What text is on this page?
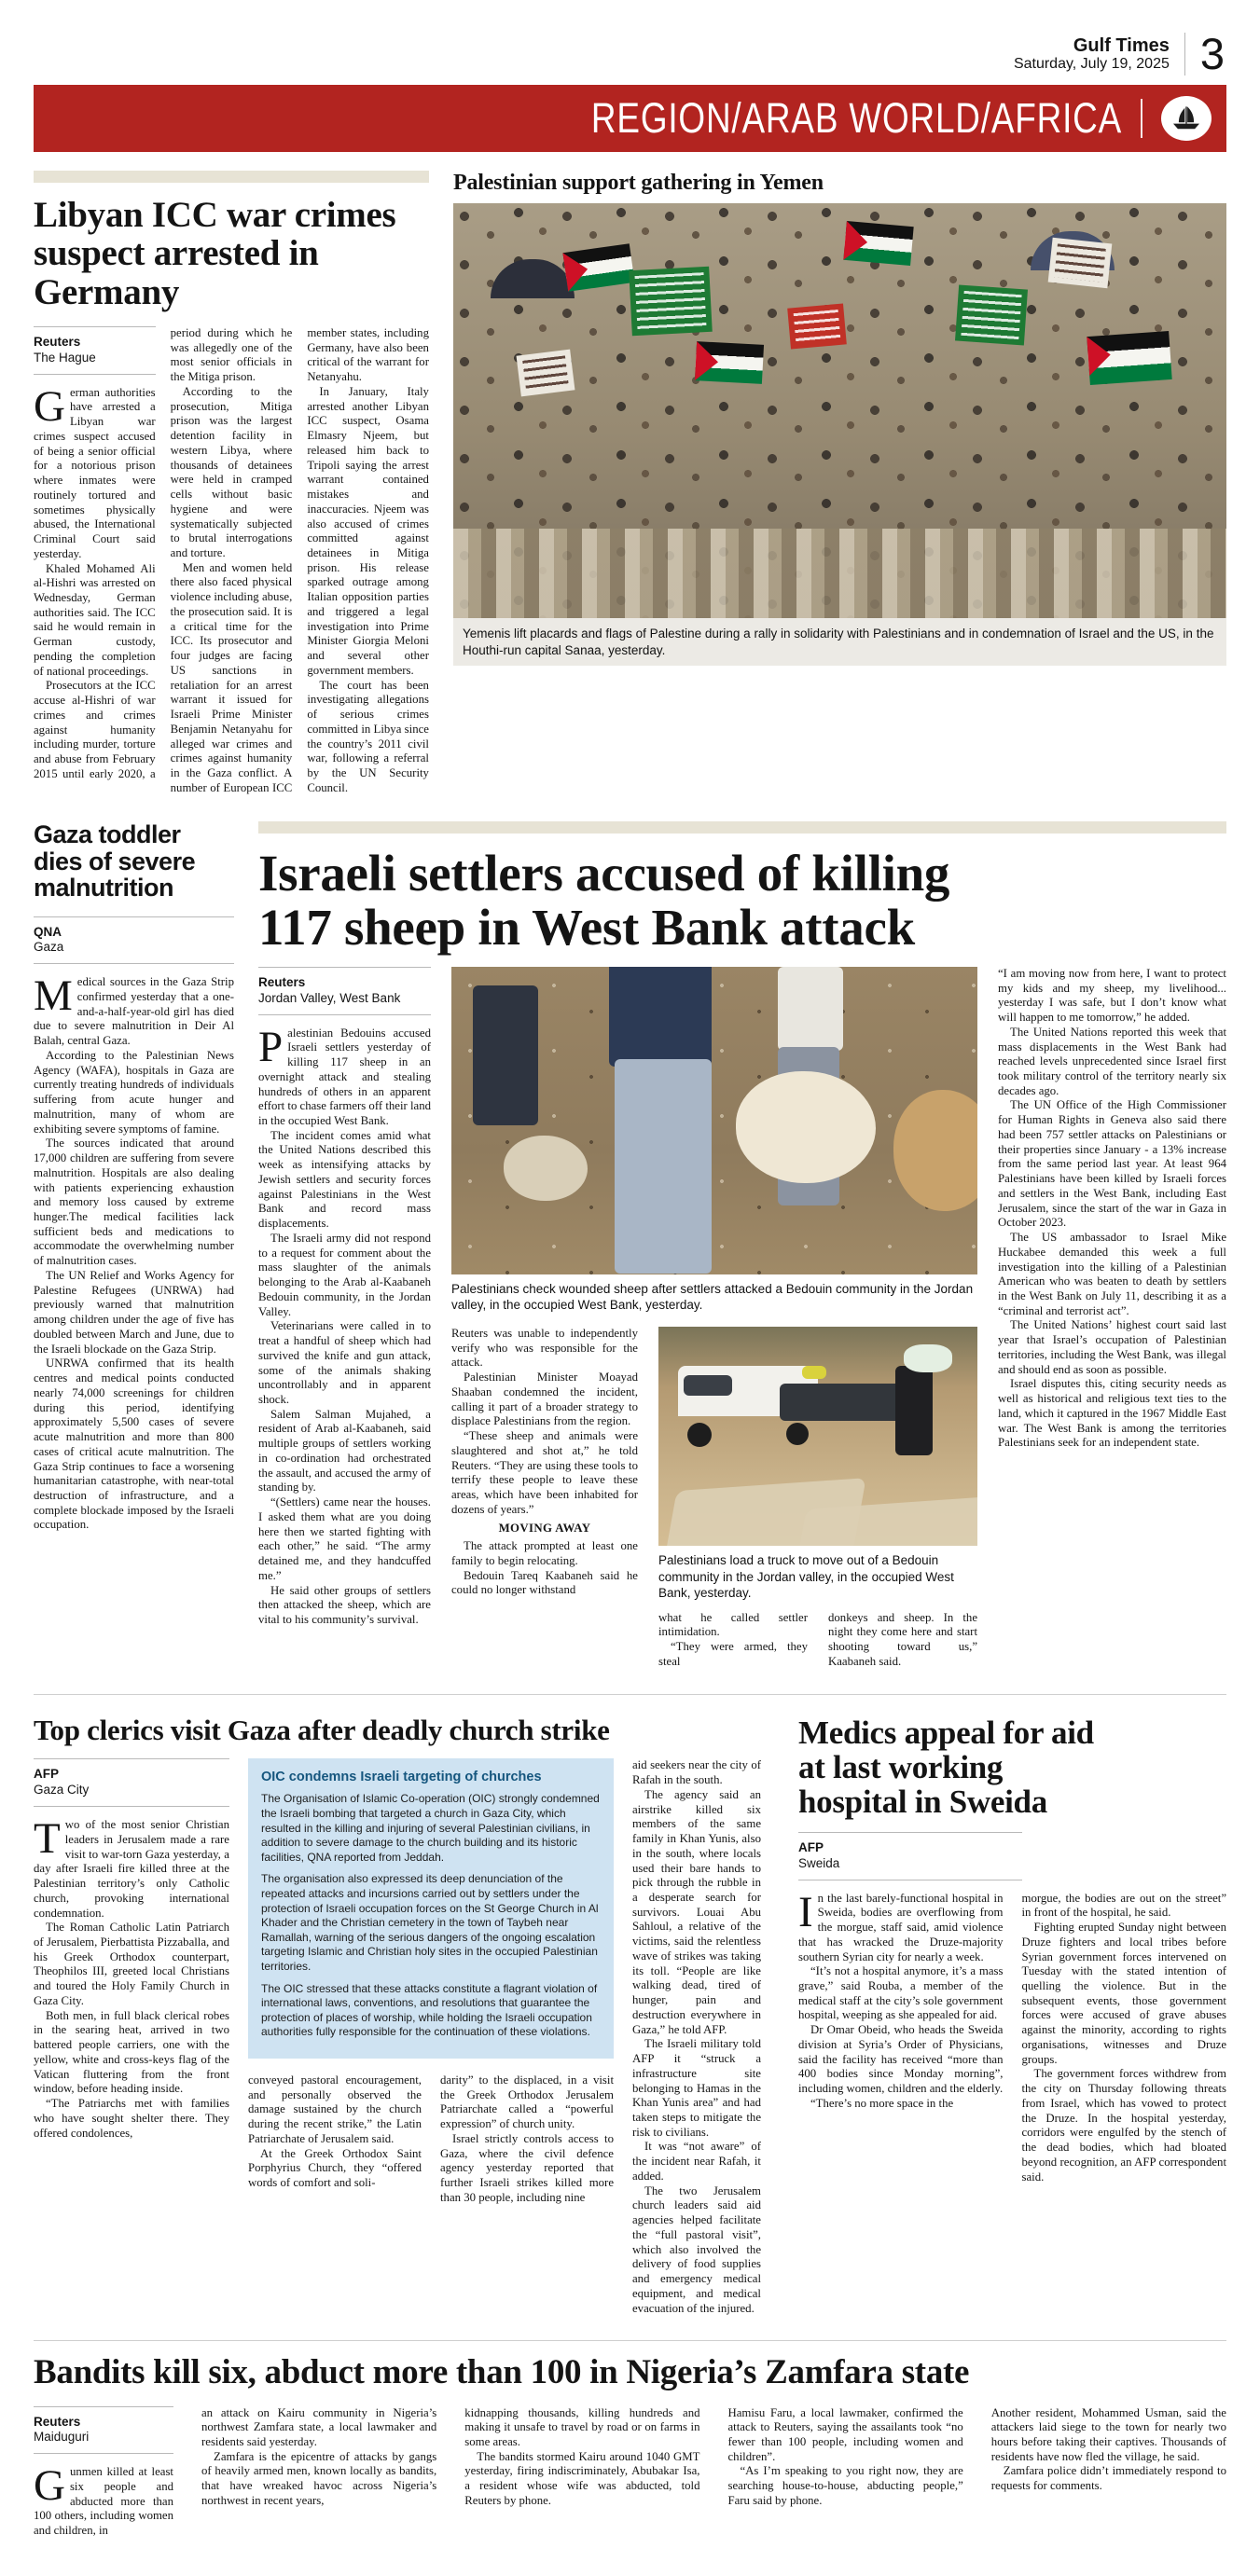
Gulf Times
Saturday, July 19, 2025 3
REGION/ARAB WORLD/AFRICA
Libyan ICC war crimes suspect arrested in Germany
Reuters
The Hague

German authorities have arrested a Libyan war crimes suspect accused of being a senior official for a notorious prison where inmates were routinely tortured and sometimes physically abused, the International Criminal Court said yesterday.

Khaled Mohamed Ali al-Hishri was arrested on Wednesday, German authorities said. The ICC said he would remain in German custody, pending the completion of national proceedings.

Prosecutors at the ICC accuse al-Hishri of war crimes and crimes against humanity including murder, torture and abuse from February 2015 until early 2020, a period during which he was allegedly one of the most senior officials in the Mitiga prison.

According to the prosecution, Mitiga prison was the largest detention facility in western Libya, where thousands of detainees were held in cramped cells without basic hygiene and were systematically subjected to brutal interrogations and torture.

Men and women held there also faced physical violence including abuse, the prosecution said. It is a critical time for the ICC. Its prosecutor and four judges are facing US sanctions in retaliation for an arrest warrant it issued for Israeli Prime Minister Benjamin Netanyahu for alleged war crimes and crimes against humanity in the Gaza conflict. A number of European ICC member states, including Germany, have also been critical of the warrant for Netanyahu.

In January, Italy arrested another Libyan ICC suspect, Osama Elmasry Njeem, but released him back to Tripoli saying the arrest warrant contained mistakes and inaccuracies. Njeem was also accused of crimes committed against detainees in Mitiga prison. His release sparked outrage among Italian opposition parties and triggered a legal investigation into Prime Minister Giorgia Meloni and several other government members.

The court has been investigating allegations of serious crimes committed in Libya since the country’s 2011 civil war, following a referral by the UN Security Council.

Palestinian support gathering in Yemen
Yemenis lift placards and flags of Palestine during a rally in solidarity with Palestinians and in condemnation of Israel and the US, in the Houthi-run capital Sanaa, yesterday.
Gaza toddler dies of severe malnutrition
QNA
Gaza

Medical sources in the Gaza Strip confirmed yesterday that a one-and-a-half-year-old girl has died due to severe malnutrition in Deir Al Balah, central Gaza.

According to the Palestinian News Agency (WAFA), hospitals in Gaza are currently treating hundreds of individuals suffering from acute hunger and malnutrition, many of whom are exhibiting severe symptoms of famine.

The sources indicated that around 17,000 children are suffering from severe malnutrition. Hospitals are also dealing with patients experiencing exhaustion and memory loss caused by extreme hunger.The medical facilities lack sufficient beds and medications to accommodate the overwhelming number of malnutrition cases.

The UN Relief and Works Agency for Palestine Refugees (UNRWA) had previously warned that malnutrition among children under the age of five has doubled between March and June, due to the Israeli blockade on the Gaza Strip.

UNRWA confirmed that its health centres and medical points conducted nearly 74,000 screenings for children during this period, identifying approximately 5,500 cases of severe acute malnutrition and more than 800 cases of critical acute malnutrition. The Gaza Strip continues to face a worsening humanitarian catastrophe, with near-total destruction of infrastructure, and a complete blockade imposed by the Israeli occupation.

Israeli settlers accused of killing
117 sheep in West Bank attack
Reuters
Jordan Valley, West Bank

Palestinian Bedouins accused Israeli settlers yesterday of killing 117 sheep in an overnight attack and stealing hundreds of others in an apparent effort to chase farmers off their land in the occupied West Bank.

The incident comes amid what the United Nations described this week as intensifying attacks by Jewish settlers and security forces against Palestinians in the West Bank and record mass displacements.

The Israeli army did not respond to a request for comment about the mass slaughter of the animals belonging to the Arab al-Kaabaneh Bedouin community, in the Jordan Valley.

Veterinarians were called in to treat a handful of sheep which had survived the knife and gun attack, some of the animals shaking uncontrollably and in apparent shock.

Salem Salman Mujahed, a resident of Arab al-Kaabaneh, said multiple groups of settlers working in co-ordination had orchestrated the assault, and accused the army of standing by.

“(Settlers) came near the houses. I asked them what are you doing here then we started fighting with each other,” he said. “The army detained me, and they handcuffed me.”

He said other groups of settlers then attacked the sheep, which are vital to his community’s survival.

Palestinians check wounded sheep after settlers attacked a Bedouin community in the Jordan valley, in the occupied West Bank, yesterday.

Reuters was unable to independently verify who was responsible for the attack.

Palestinian Minister Moayad Shaaban condemned the incident, calling it part of a broader strategy to displace Palestinians from the region.

“These sheep and animals were slaughtered and shot at,” he told Reuters. “They are using these tools to terrify these people to leave these areas, which have been inhabited for dozens of years.”

MOVING AWAY

The attack prompted at least one family to begin relocating.

Bedouin Tareq Kaabaneh said he could no longer withstand

Palestinians load a truck to move out of a Bedouin community in the Jordan valley, in the occupied West Bank, yesterday.

what he called settler intimidation.

“They were armed, they steal

donkeys and sheep. In the night they come here and start shooting toward us,” Kaabaneh said.

“I am moving now from here, I want to protect my kids and my sheep, my livelihood... yesterday I was safe, but I don’t know what will happen to me tomorrow,” he added.

The United Nations reported this week that mass displacements in the West Bank had reached levels unprecedented since Israel first took military control of the territory nearly six decades ago.

The UN Office of the High Commissioner for Human Rights in Geneva also said there had been 757 settler attacks on Palestinians or their properties since January - a 13% increase from the same period last year. At least 964 Palestinians have been killed by Israeli forces and settlers in the West Bank, including East Jerusalem, since the start of the war in Gaza in October 2023.

The US ambassador to Israel Mike Huckabee demanded this week a full investigation into the killing of a Palestinian American who was beaten to death by settlers in the West Bank on July 11, describing it as a “criminal and terrorist act”.

The United Nations’ highest court said last year that Israel’s occupation of Palestinian territories, including the West Bank, was illegal and should end as soon as possible.

Israel disputes this, citing security needs as well as historical and religious text ties to the land, which it captured in the 1967 Middle East war. The West Bank is among the territories Palestinians seek for an independent state.

Top clerics visit Gaza after deadly church strike
AFP
Gaza City

Two of the most senior Christian leaders in Jerusalem made a rare visit to war-torn Gaza yesterday, a day after Israeli fire killed three at the Palestinian territory’s only Catholic church, provoking international condemnation.

The Roman Catholic Latin Patriarch of Jerusalem, Pierbattista Pizzaballa, and his Greek Orthodox counterpart, Theophilos III, greeted local Christians and toured the Holy Family Church in Gaza City.

Both men, in full black clerical robes in the searing heat, arrived in two battered people carriers, one with the yellow, white and cross-keys flag of the Vatican fluttering from the front window, before heading inside.

“The Patriarchs met with families who have sought shelter there. They offered condolences,

OIC condemns Israeli targeting of churches

The Organisation of Islamic Co-operation (OIC) strongly condemned the Israeli bombing that targeted a church in Gaza City, which resulted in the killing and injuring of several Palestinian civilians, in addition to severe damage to the church building and its historic facilities, QNA reported from Jeddah.

The organisation also expressed its deep denunciation of the repeated attacks and incursions carried out by settlers under the protection of Israeli occupation forces on the St George Church in Al Khader and the Christian cemetery in the town of Taybeh near Ramallah, warning of the serious dangers of the ongoing escalation targeting Islamic and Christian holy sites in the occupied Palestinian territories.

The OIC stressed that these attacks constitute a flagrant violation of international laws, conventions, and resolutions that guarantee the protection of places of worship, while holding the Israeli occupation authorities fully responsible for the continuation of these violations.

conveyed pastoral encouragement, and personally observed the damage sustained by the church during the recent strike,” the Latin Patriarchate of Jerusalem said.

At the Greek Orthodox Saint Porphyrius Church, they “offered words of comfort and soli-

darity” to the displaced, in a visit the Greek Orthodox Jerusalem Patriarchate called a “powerful expression” of church unity.

Israel strictly controls access to Gaza, where the civil defence agency yesterday reported that further Israeli strikes killed more than 30 people, including nine

aid seekers near the city of Rafah in the south.

The agency said an airstrike killed six members of the same family in Khan Yunis, also in the south, where locals used their bare hands to pick through the rubble in a desperate search for survivors. Louai Abu Sahloul, a relative of the victims, said the relentless wave of strikes was taking its toll. “People are like walking dead, tired of hunger, pain and destruction everywhere in Gaza,” he told AFP.

The Israeli military told AFP it “struck a infrastructure site belonging to Hamas in the Khan Yunis area” and had taken steps to mitigate the risk to civilians.

It was “not aware” of the incident near Rafah, it added.

The two Jerusalem church leaders said aid agencies helped facilitate the “full pastoral visit”, which also involved the delivery of food supplies and emergency medical equipment, and medical evacuation of the injured.

Medics appeal for aid at last working hospital in Sweida
AFP
Sweida

In the last barely-functional hospital in Sweida, bodies are overflowing from the morgue, staff said, amid violence that has wracked the Druze-majority southern Syrian city for nearly a week.

“It’s not a hospital anymore, it’s a mass grave,” said Rouba, a member of the medical staff at the city’s sole government hospital, weeping as she appealed for aid.

Dr Omar Obeid, who heads the Sweida division at Syria’s Order of Physicians, said the facility has received “more than 400 bodies since Monday morning”, including women, children and the elderly.

“There’s no more space in the

morgue, the bodies are out on the street” in front of the hospital, he said.

Fighting erupted Sunday night between Druze fighters and local tribes before Syrian government forces intervened on Tuesday with the stated intention of quelling the violence. But in the subsequent events, those government forces were accused of grave abuses against the minority, according to rights organisations, witnesses and Druze groups.

The government forces withdrew from the city on Thursday following threats from Israel, which has vowed to protect the Druze. In the hospital yesterday, corridors were engulfed by the stench of the dead bodies, which had bloated beyond recognition, an AFP correspondent said.

Bandits kill six, abduct more than 100 in Nigeria’s Zamfara state
Reuters
Maiduguri

Gunmen killed at least six people and abducted more than 100 others, including women and children, in

an attack on Kairu community in Nigeria’s northwest Zamfara state, a local lawmaker and residents said yesterday.

Zamfara is the epicentre of attacks by gangs of heavily armed men, known locally as bandits, that have wreaked havoc across Nigeria’s northwest in recent years,

kidnapping thousands, killing hundreds and making it unsafe to travel by road or on farms in some areas.

The bandits stormed Kairu around 1040 GMT yesterday, firing indiscriminately, Abubakar Isa, a resident whose wife was abducted, told Reuters by phone.

Hamisu Faru, a local lawmaker, confirmed the attack to Reuters, saying the assailants took “no fewer than 100 people, including women and children”.

“As I’m speaking to you right now, they are searching house-to-house, abducting people,” Faru said by phone.

Another resident, Mohammed Usman, said the attackers laid siege to the town for nearly two hours before taking their captives. Thousands of residents have now fled the village, he said.

Zamfara police didn’t immediately respond to requests for comments.
